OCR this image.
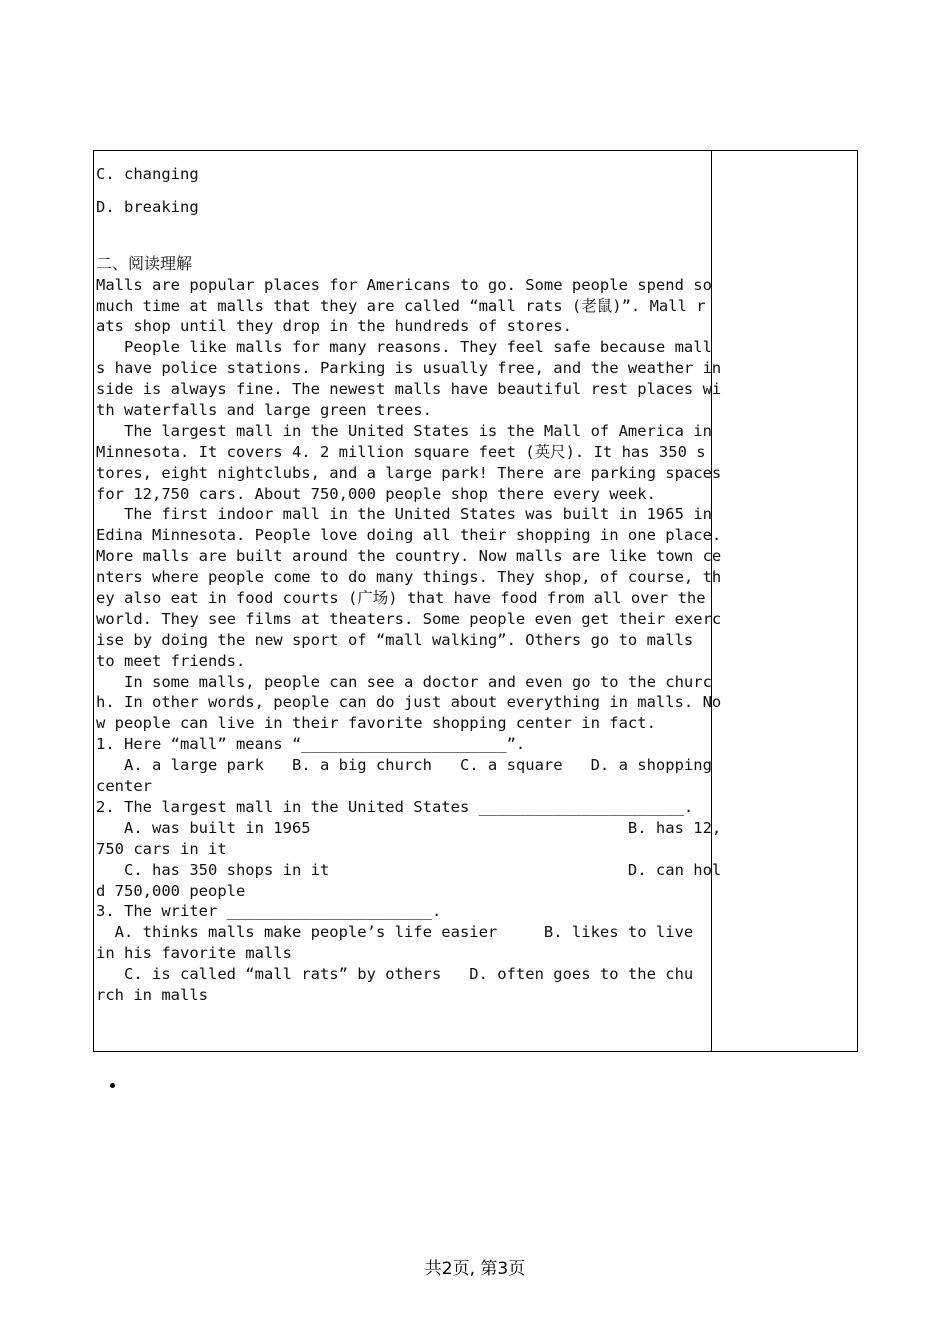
C. changing
D. breaking
二、阅读理解
Malls are popular places for Americans to go. Some people spend so
much time at malls that they are called “mall rats (老鼠)”. Mall r
ats shop until they drop in the hundreds of stores.
People like malls for many reasons. They feel safe because mall
s have police stations. Parking is usually free, and the weather in
side is always fine. The newest malls have beautiful rest places wi
th waterfalls and large green trees.
The largest mall in the United States is the Mall of America in
Minnesota. It covers 4. 2 million square feet (英尺). It has 350 s
tores, eight nightclubs, and a large park! There are parking spaces
for 12,750 cars. About 750,000 people shop there every week.
The first indoor mall in the United States was built in 1965 in
Edina Minnesota. People love doing all their shopping in one place.
More malls are built around the country. Now malls are like town ce
nters where people come to do many things. They shop, of course, th
ey also eat in food courts (广场) that have food from all over the
world. They see films at theaters. Some people even get their exerc
ise by doing the new sport of “mall walking”. Others go to malls
to meet friends.
In some malls, people can see a doctor and even go to the churc
h. In other words, people can do just about everything in malls. No
w people can live in their favorite shopping center in fact.
1. Here “mall” means “______________________”.
A. a large park   B. a big church   C. a square   D. a shopping
center
2. The largest mall in the United States ______________________.
A. was built in 1965                                  B. has 12,
750 cars in it
C. has 350 shops in it                                D. can hol
d 750,000 people
3. The writer ______________________.
A. thinks malls make people’s life easier     B. likes to live
in his favorite malls
C. is called “mall rats” by others   D. often goes to the chu
rch in malls
共2页, 第3页
